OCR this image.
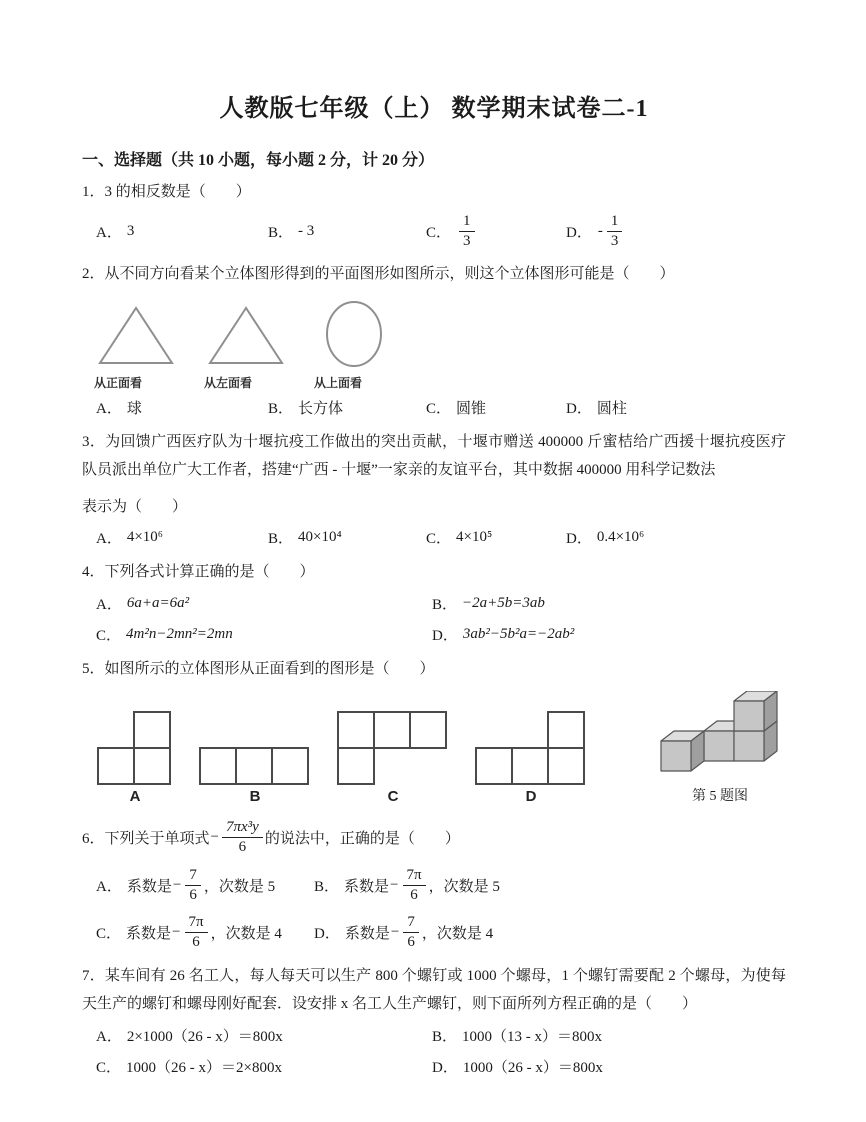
人教版七年级（上） 数学期末试卷二-1
一、选择题（共 10 小题，每小题 2 分，计 20 分）

1．3 的相反数是（　　）

A． 3	B． - 3	C． $\frac{1}{3}$	D． - $\frac{1}{3}$

2．从不同方向看某个立体图形得到的平面图形如图所示，则这个立体图形可能是（　　）

从正面看	从左面看	从上面看
A． 球	B． 长方体	C． 圆锥	D． 圆柱

3．为回馈广西医疗队为十堰抗疫工作做出的突出贡献，十堰市赠送 400000 斤蜜桔给广西援十堰抗疫医疗队员派出单位广大工作者，搭建“广西 - 十堰”一家亲的友谊平台，其中数据 400000 用科学记数法

表示为（　　）

A． 4×10⁶	B． 40×10⁴	C． 4×10⁵	D． 0.4×10⁶

4．下列各式计算正确的是（　　）

A． 6a+a=6a²	B． −2a+5b=3ab
C． 4m²n−2mn²=2mn	D． 3ab²−5b²a=−2ab²

5．如图所示的立体图形从正面看到的图形是（　　）

A	B	C	D	第 5 题图
6．下列关于单项式 − $\frac{\text{7πx³y}}{6}$ 的说法中，正确的是（　　）
A． 系数是 − $\frac{7}{6}$ ，次数是 5	B． 系数是 − $\frac{7\pi}{6}$ ，次数是 5
C． 系数是 − $\frac{7\pi}{6}$ ，次数是 4 D． 系数是 − $\frac{7}{6}$ ，次数是 4

7．某车间有 26 名工人，每人每天可以生产 800 个螺钉或 1000 个螺母，1 个螺钉需要配 2 个螺母，为使每天生产的螺钉和螺母刚好配套．设安排 x 名工人生产螺钉，则下面所列方程正确的是（　　）

A． 2×1000（26 - x）＝800x	B． 1000（13 - x）＝800x
C． 1000（26 - x）＝2×800x	D． 1000（26 - x）＝800x
